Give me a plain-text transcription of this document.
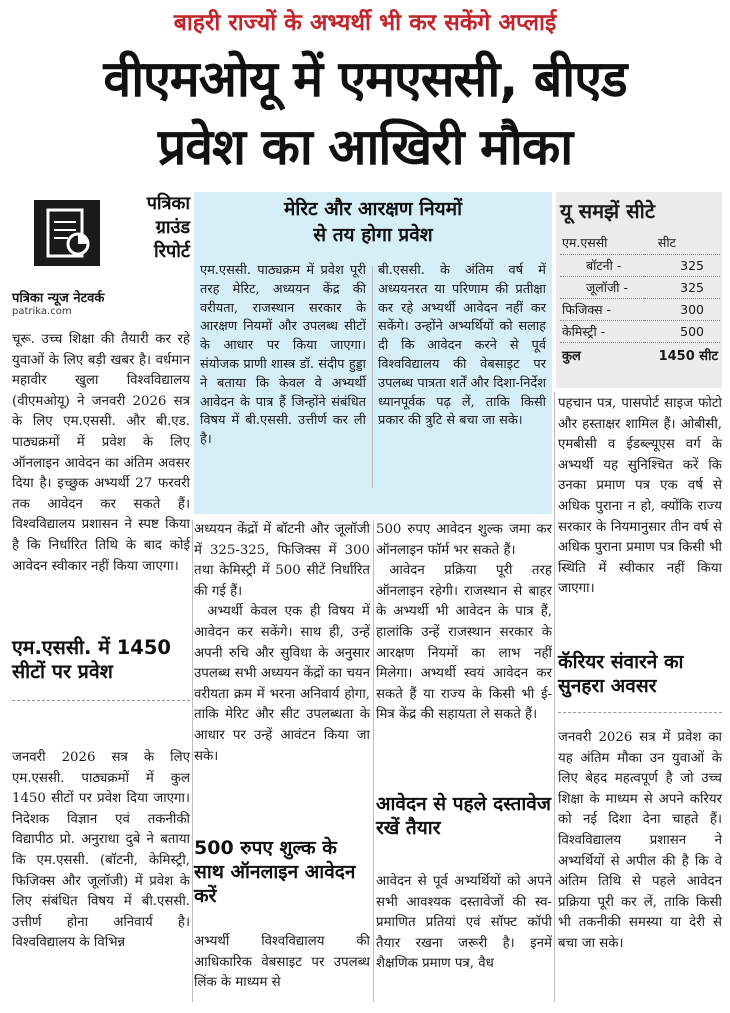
बाहरी राज्यों के अभ्यर्थी भी कर सकेंगे अप्लाई
वीएमओयू में एमएससी, बीएड
प्रवेश का आखिरी मौका
पत्रिका
ग्राउंड
रिपोर्ट
पत्रिका न्यूज नेटवर्क
patrika.com

चूरू. उच्च शिक्षा की तैयारी कर रहे युवाओं के लिए बड़ी खबर है। वर्धमान महावीर खुला विश्वविद्यालय (वीएमओयू) ने जनवरी 2026 सत्र के लिए एम.एससी. और बी.एड. पाठ्यक्रमों में प्रवेश के लिए ऑनलाइन आवेदन का अंतिम अवसर दिया है। इच्छुक अभ्यर्थी 27 फरवरी तक आवेदन कर सकते हैं। विश्वविद्यालय प्रशासन ने स्पष्ट किया है कि निर्धारित तिथि के बाद कोई आवेदन स्वीकार नहीं किया जाएगा।

एम.एससी. में 1450 सीटों पर प्रवेश

जनवरी 2026 सत्र के लिए एम.एससी. पाठ्यक्रमों में कुल 1450 सीटों पर प्रवेश दिया जाएगा। निदेशक विज्ञान एवं तकनीकी विद्यापीठ प्रो. अनुराधा दुबे ने बताया कि एम.एससी. (बॉटनी, केमिस्ट्री, फिजिक्स और जूलॉजी) में प्रवेश के लिए संबंधित विषय में बी.एससी. उत्तीर्ण होना अनिवार्य है। विश्वविद्यालय के विभिन्न

मेरिट और आरक्षण नियमों
से तय होगा प्रवेश

एम.एससी. पाठ्यक्रम में प्रवेश पूरी तरह मेरिट, अध्ययन केंद्र की वरीयता, राजस्थान सरकार के आरक्षण नियमों और उपलब्ध सीटों के आधार पर किया जाएगा। संयोजक प्राणी शास्त्र डॉ. संदीप हुड्डा ने बताया कि केवल वे अभ्यर्थी आवेदन के पात्र हैं जिन्होंने संबंधित विषय में बी.एससी. उत्तीर्ण कर ली है।

बी.एससी. के अंतिम वर्ष में अध्ययनरत या परिणाम की प्रतीक्षा कर रहे अभ्यर्थी आवेदन नहीं कर सकेंगे। उन्होंने अभ्यर्थियों को सलाह दी कि आवेदन करने से पूर्व विश्वविद्यालय की वेबसाइट पर उपलब्ध पात्रता शर्तें और दिशा-निर्देश ध्यानपूर्वक पढ़ लें, ताकि किसी प्रकार की त्रुटि से बचा जा सके।

अध्ययन केंद्रों में बॉटनी और जूलॉजी में 325-325, फिजिक्स में 300 तथा केमिस्ट्री में 500 सीटें निर्धारित की गई हैं।

अभ्यर्थी केवल एक ही विषय में आवेदन कर सकेंगे। साथ ही, उन्हें अपनी रुचि और सुविधा के अनुसार उपलब्ध सभी अध्ययन केंद्रों का चयन वरीयता क्रम में भरना अनिवार्य होगा, ताकि मेरिट और सीट उपलब्धता के आधार पर उन्हें आवंटन किया जा सके।

500 रुपए शुल्क के साथ ऑनलाइन आवेदन करें

अभ्यर्थी विश्वविद्यालय की आधिकारिक वेबसाइट पर उपलब्ध लिंक के माध्यम से

500 रुपए आवेदन शुल्क जमा कर ऑनलाइन फॉर्म भर सकते हैं।

आवेदन प्रक्रिया पूरी तरह ऑनलाइन रहेगी। राजस्थान से बाहर के अभ्यर्थी भी आवेदन के पात्र हैं, हालांकि उन्हें राजस्थान सरकार के आरक्षण नियमों का लाभ नहीं मिलेगा। अभ्यर्थी स्वयं आवेदन कर सकते हैं या राज्य के किसी भी ई-मित्र केंद्र की सहायता ले सकते हैं।

आवेदन से पहले दस्तावेज रखें तैयार

आवेदन से पूर्व अभ्यर्थियों को अपने सभी आवश्यक दस्तावेजों की स्व-प्रमाणित प्रतियां एवं सॉफ्ट कॉपी तैयार रखना जरूरी है। इनमें शैक्षणिक प्रमाण पत्र, वैध

यू समझें सीटे
एम.एससी	सीट
बॉटनी -	325
जूलॉजी -	325
फिजिक्स -	300
केमिस्ट्री -	500
कुल	1450 सीट

पहचान पत्र, पासपोर्ट साइज फोटो और हस्ताक्षर शामिल हैं। ओबीसी, एमबीसी व ईडब्ल्यूएस वर्ग के अभ्यर्थी यह सुनिश्चित करें कि उनका प्रमाण पत्र एक वर्ष से अधिक पुराना न हो, क्योंकि राज्य सरकार के नियमानुसार तीन वर्ष से अधिक पुराना प्रमाण पत्र किसी भी स्थिति में स्वीकार नहीं किया जाएगा।

कॅरियर संवारने का सुनहरा अवसर

जनवरी 2026 सत्र में प्रवेश का यह अंतिम मौका उन युवाओं के लिए बेहद महत्वपूर्ण है जो उच्च शिक्षा के माध्यम से अपने करियर को नई दिशा देना चाहते हैं। विश्वविद्यालय प्रशासन ने अभ्यर्थियों से अपील की है कि वे अंतिम तिथि से पहले आवेदन प्रक्रिया पूरी कर लें, ताकि किसी भी तकनीकी समस्या या देरी से बचा जा सके।
